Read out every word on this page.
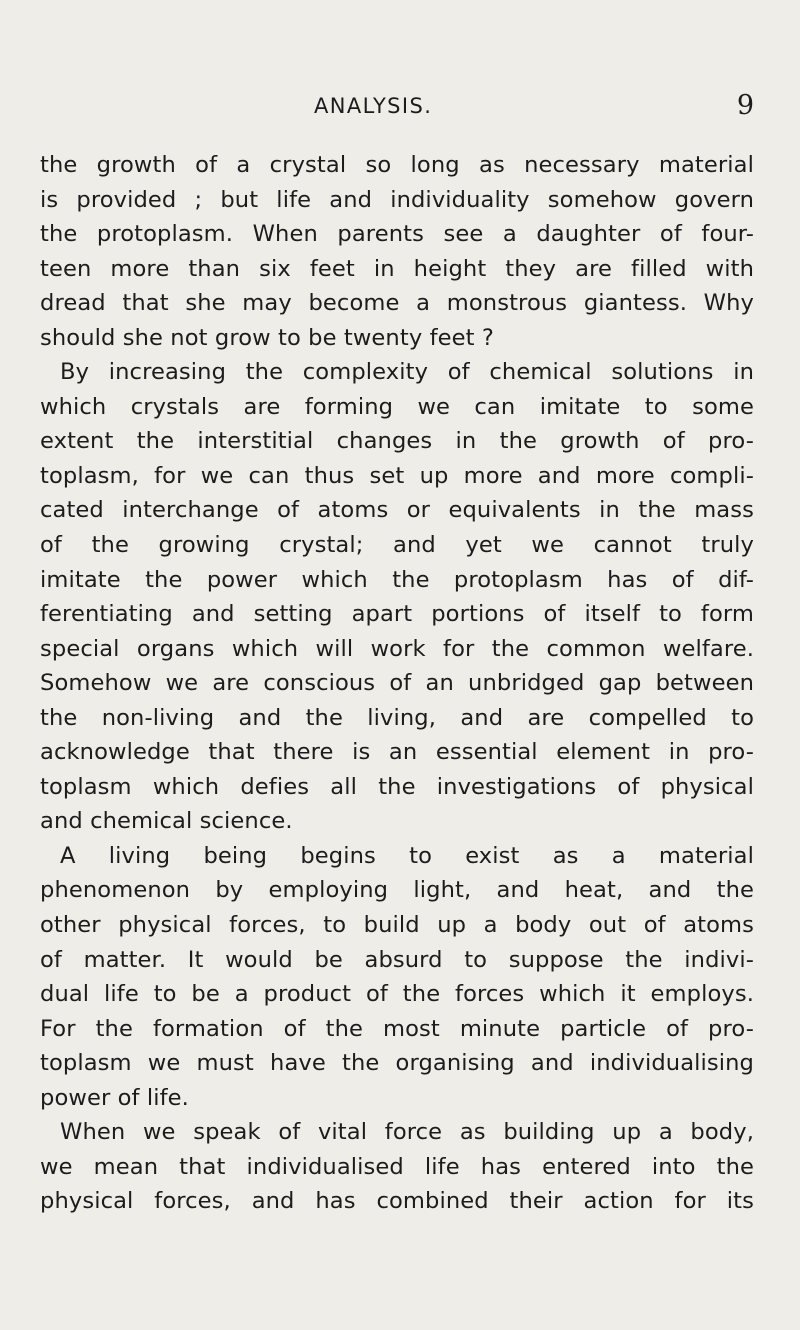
ANALYSIS.	9
the growth of a crystal so long as necessary material
is provided ; but life and individuality somehow govern
the protoplasm. When parents see a daughter of four-
teen more than six feet in height they are filled with
dread that she may become a monstrous giantess. Why
should she not grow to be twenty feet ?
By increasing the complexity of chemical solutions in
which crystals are forming we can imitate to some
extent the interstitial changes in the growth of pro-
toplasm, for we can thus set up more and more compli-
cated interchange of atoms or equivalents in the mass
of the growing crystal; and yet we cannot truly
imitate the power which the protoplasm has of dif-
ferentiating and setting apart portions of itself to form
special organs which will work for the common welfare.
Somehow we are conscious of an unbridged gap between
the non-living and the living, and are compelled to
acknowledge that there is an essential element in pro-
toplasm which defies all the investigations of physical
and chemical science.
A living being begins to exist as a material
phenomenon by employing light, and heat, and the
other physical forces, to build up a body out of atoms
of matter. It would be absurd to suppose the indivi-
dual life to be a product of the forces which it employs.
For the formation of the most minute particle of pro-
toplasm we must have the organising and individualising
power of life.
When we speak of vital force as building up a body,
we mean that individualised life has entered into the
physical forces, and has combined their action for its
